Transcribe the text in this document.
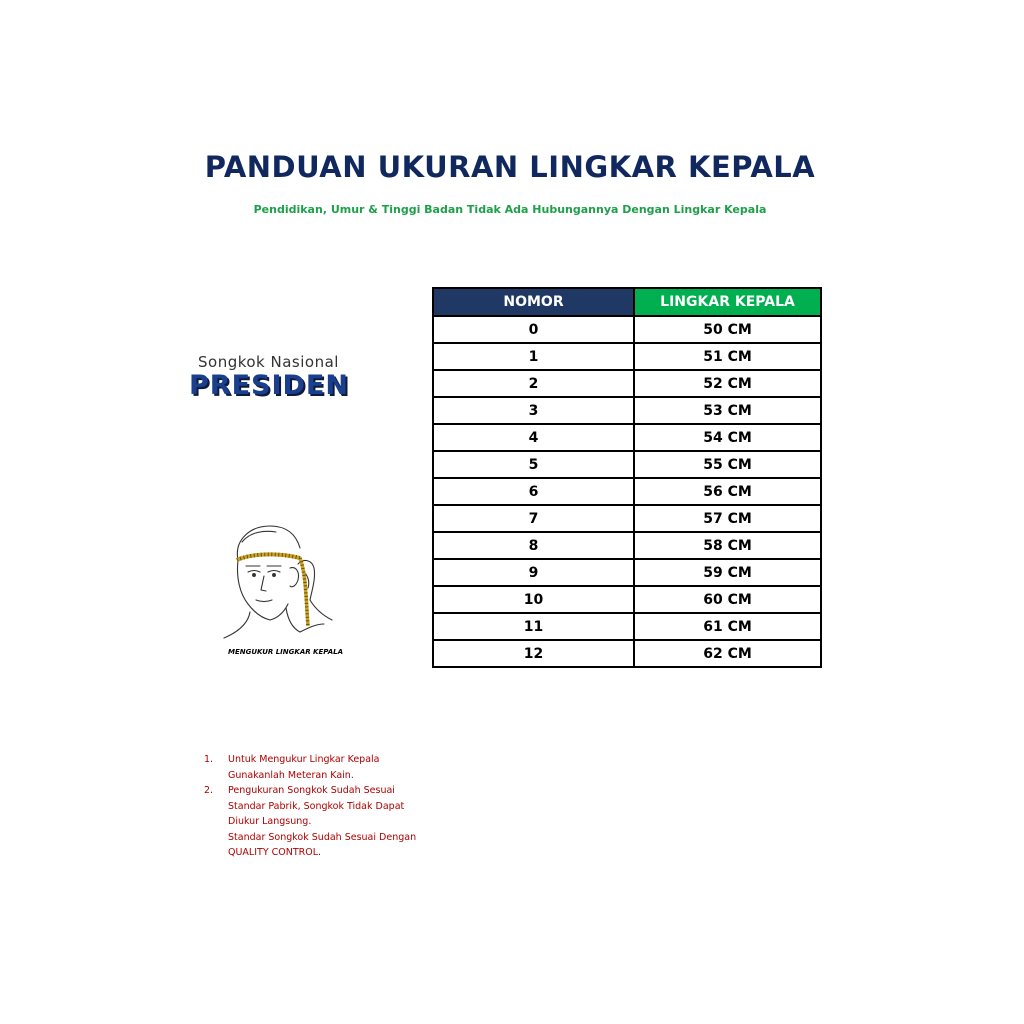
PANDUAN UKURAN LINGKAR KEPALA

Pendidikan, Umur & Tinggi Badan Tidak Ada Hubungannya Dengan Lingkar Kepala

Songkok Nasional
PRESIDEN
NOMOR	LINGKAR KEPALA
0	50 CM
1	51 CM
2	52 CM
3	53 CM
4	54 CM
5	55 CM
6	56 CM
7	57 CM
8	58 CM
9	59 CM
10	60 CM
11	61 CM
12	62 CM
MENGUKUR LINGKAR KEPALA
1.	Untuk Mengukur Lingkar Kepala
Gunakanlah Meteran Kain.
2.	Pengukuran Songkok Sudah Sesuai
Standar Pabrik, Songkok Tidak Dapat
Diukur Langsung.
Standar Songkok Sudah Sesuai Dengan
QUALITY CONTROL.
